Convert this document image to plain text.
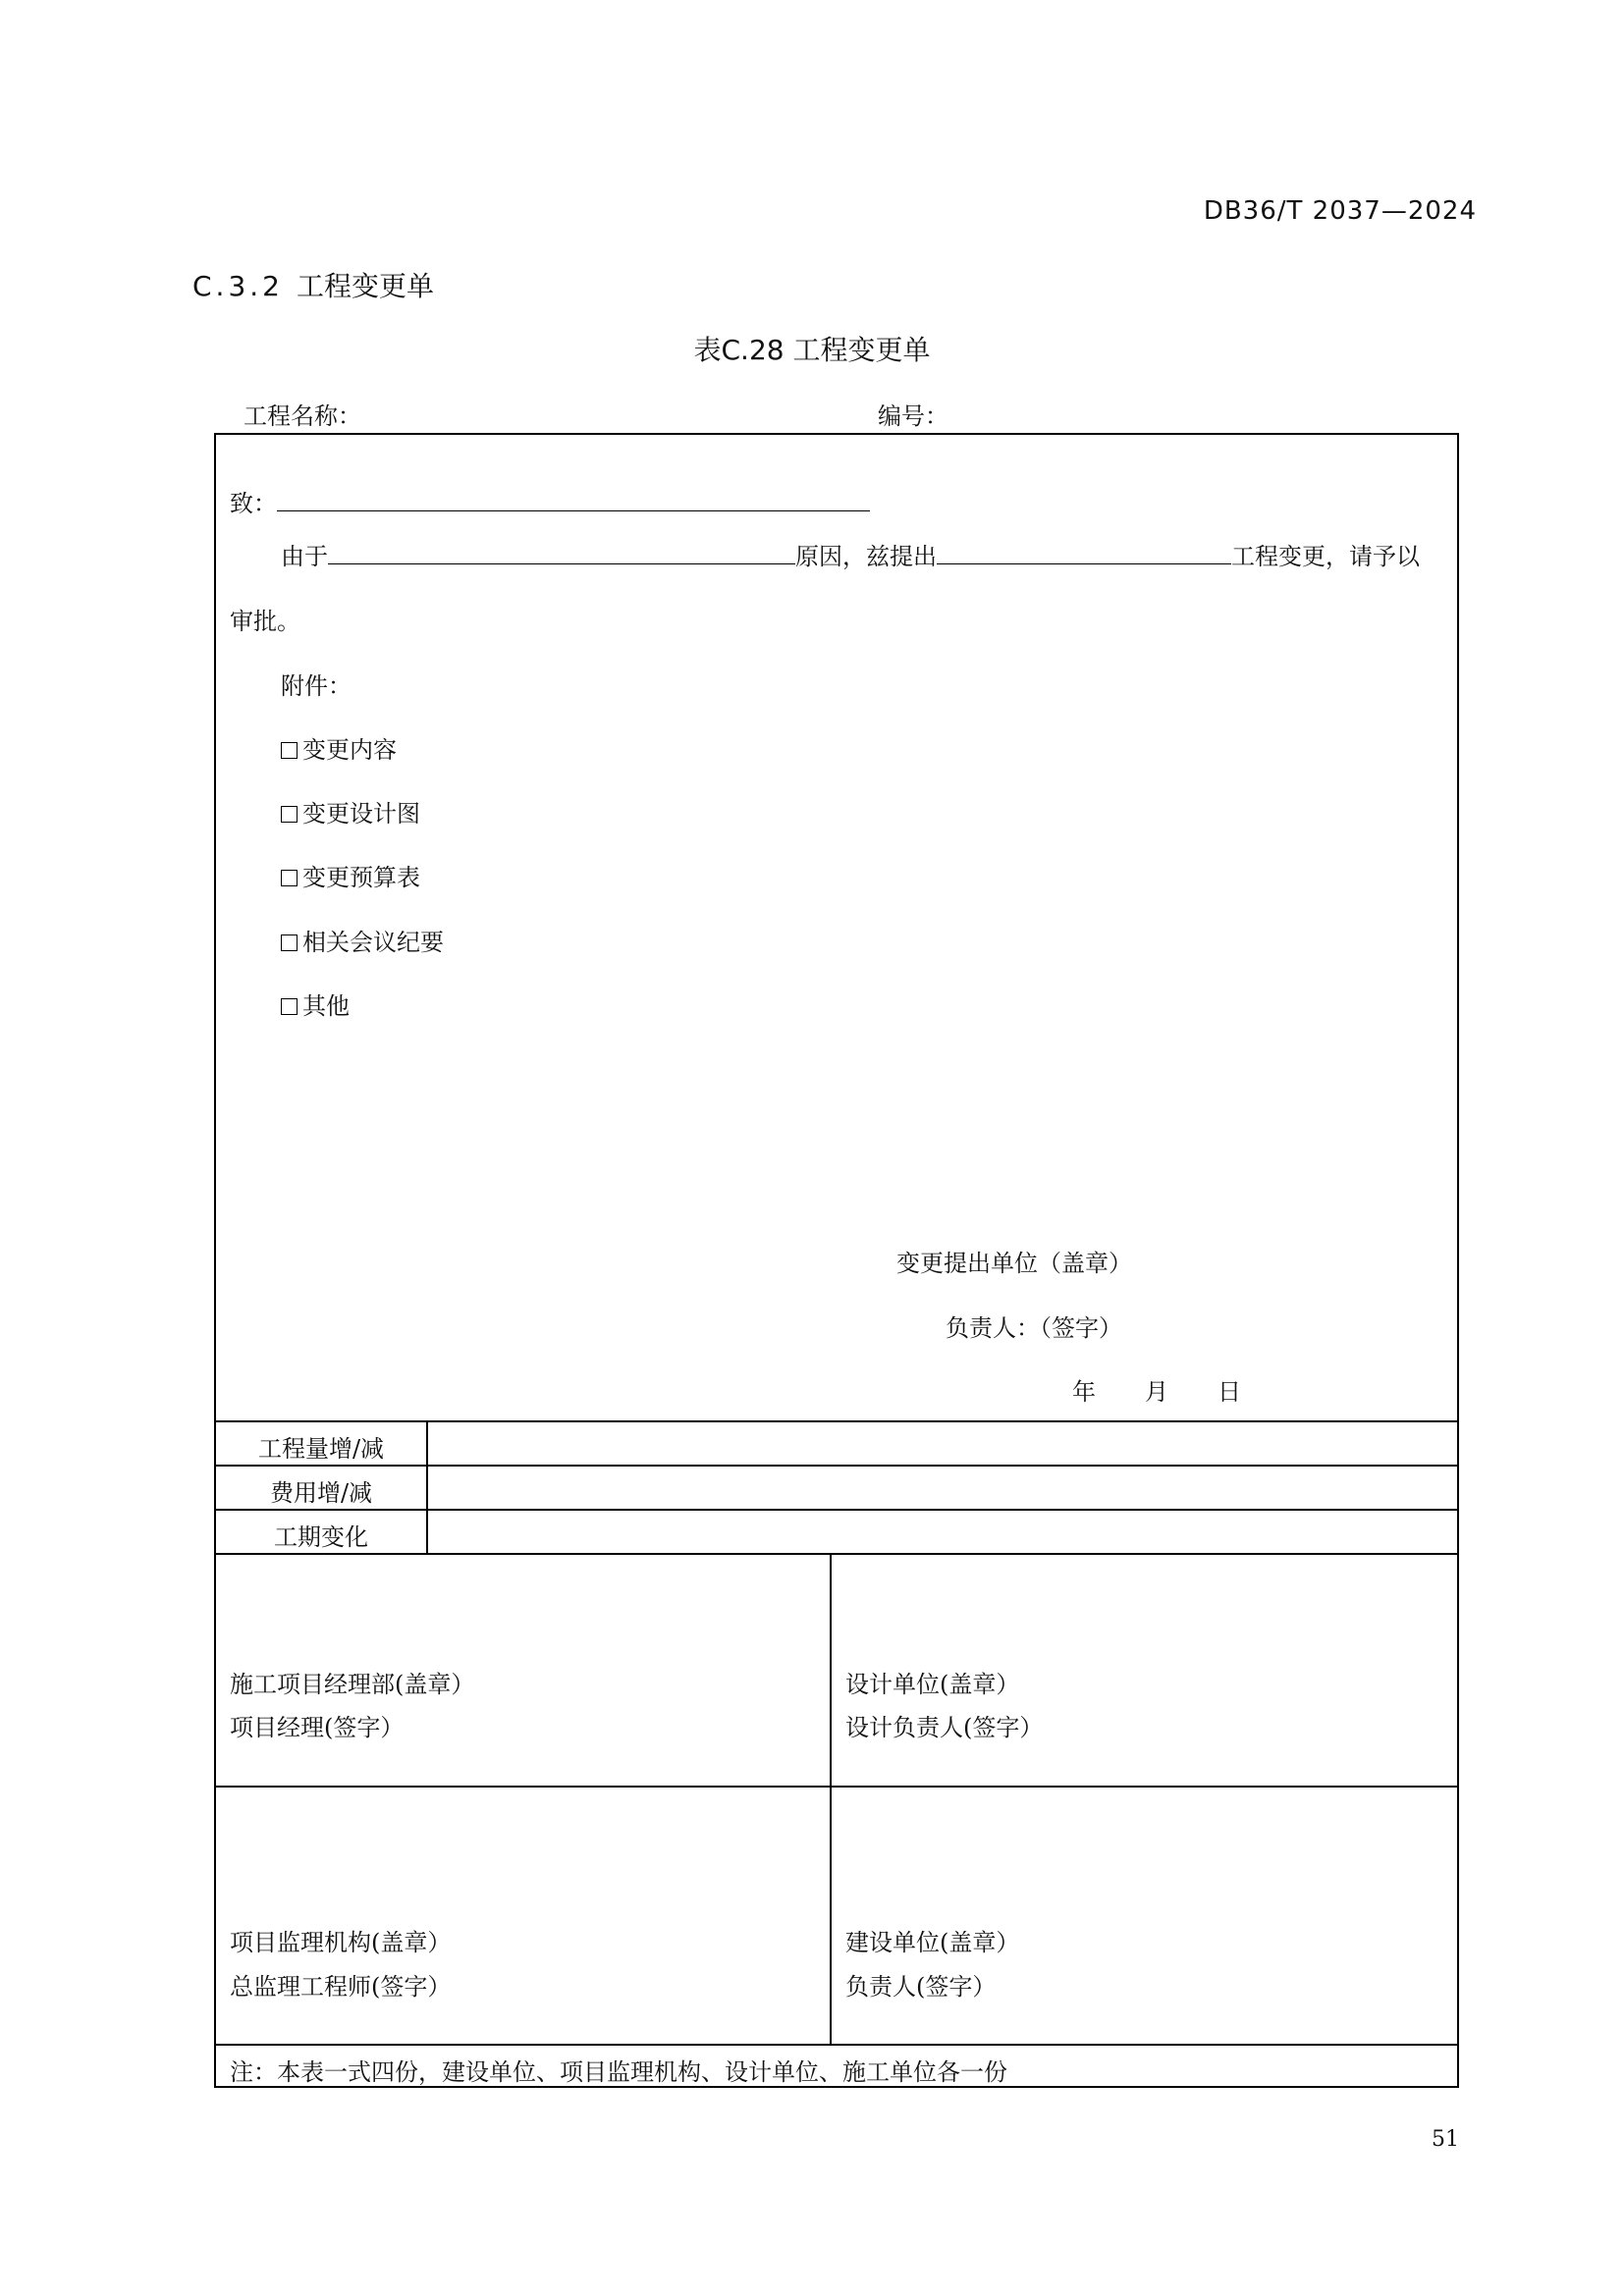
DB36/T 2037—2024
C.3.2 工程变更单
表C.28 工程变更单
工程名称：	编号：
致：
由于	原因，兹提出	工程变更，请予以
审批。
附件：
变更内容
变更设计图
变更预算表
相关会议纪要
其他
变更提出单位（盖章）
负责人：（签字）
年 月 日
工程量增/减
费用增/减
工期变化
施工项目经理部(盖章）
项目经理(签字）
设计单位(盖章）
设计负责人(签字）
项目监理机构(盖章）
总监理工程师(签字）
建设单位(盖章）
负责人(签字）
注：本表一式四份，建设单位、项目监理机构、设计单位、施工单位各一份
51
